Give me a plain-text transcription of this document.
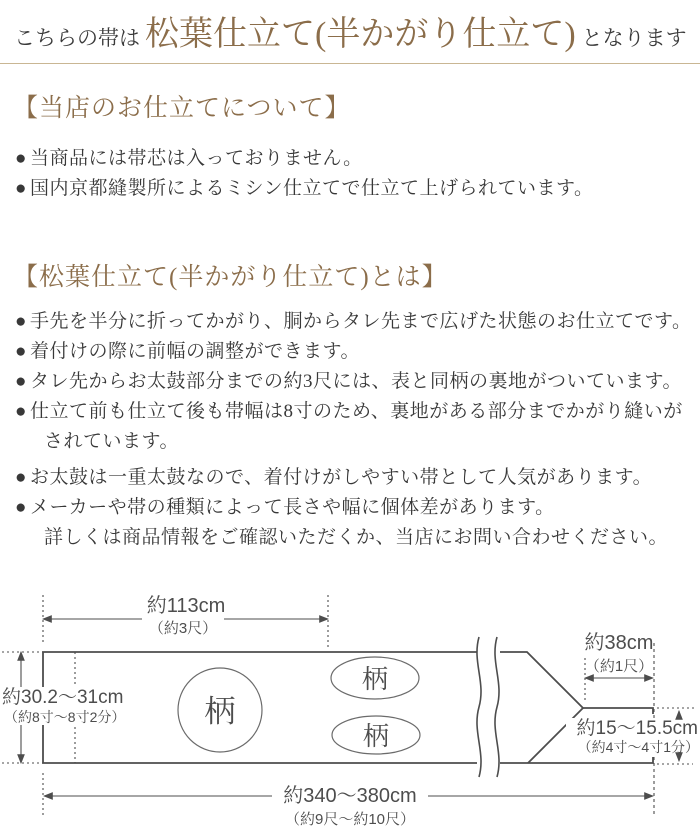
こちらの帯は 松葉仕立て(半かがり仕立て) となります
【当店のお仕立てについて】

● 当商品には帯芯は入っておりません。

● 国内京都縫製所によるミシン仕立てで仕立て上げられています。

【松葉仕立て(半かがり仕立て)とは】

● 手先を半分に折ってかがり、胴からタレ先まで広げた状態のお仕立てです。

● 着付けの際に前幅の調整ができます。

● タレ先からお太鼓部分までの約3尺には、表と同柄の裏地がついています。

● 仕立て前も仕立て後も帯幅は8寸のため、裏地がある部分までかがり縫いが
されています。

● お太鼓は一重太鼓なので、着付けがしやすい帯として人気があります。

● メーカーや帯の種類によって長さや幅に個体差があります。
詳しくは商品情報をご確認いただくか、当店にお問い合わせください。

約113cm
（約3尺）
約30.2～31cm
（約8寸～8寸2分）
約38cm
（約1尺）
約15～15.5cm
（約4寸～4寸1分）
約340～380cm
（約9尺～約10尺）
柄
柄
柄
